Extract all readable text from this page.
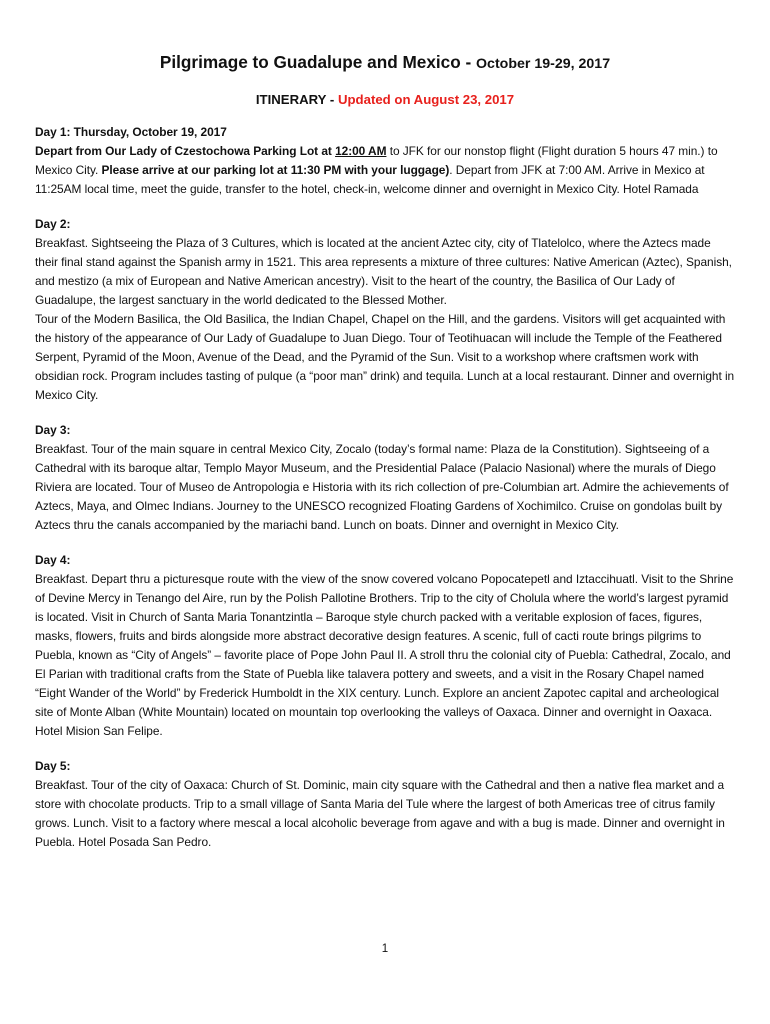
Pilgrimage to Guadalupe and Mexico - October 19-29, 2017
ITINERARY - Updated on August 23, 2017
Day 1: Thursday, October 19, 2017
Depart from Our Lady of Czestochowa Parking Lot at 12:00 AM to JFK for our nonstop flight (Flight duration 5 hours 47 min.) to Mexico City. Please arrive at our parking lot at 11:30 PM with your luggage). Depart from JFK at 7:00 AM. Arrive in Mexico at 11:25AM local time, meet the guide, transfer to the hotel, check-in, welcome dinner and overnight in Mexico City. Hotel Ramada
Day 2:
Breakfast. Sightseeing the Plaza of 3 Cultures, which is located at the ancient Aztec city, city of Tlatelolco, where the Aztecs made their final stand against the Spanish army in 1521. This area represents a mixture of three cultures: Native American (Aztec), Spanish, and mestizo (a mix of European and Native American ancestry). Visit to the heart of the country, the Basilica of Our Lady of Guadalupe, the largest sanctuary in the world dedicated to the Blessed Mother.
Tour of the Modern Basilica, the Old Basilica, the Indian Chapel, Chapel on the Hill, and the gardens. Visitors will get acquainted with the history of the appearance of Our Lady of Guadalupe to Juan Diego. Tour of Teotihuacan will include the Temple of the Feathered Serpent, Pyramid of the Moon, Avenue of the Dead, and the Pyramid of the Sun. Visit to a workshop where craftsmen work with obsidian rock. Program includes tasting of pulque (a “poor man” drink) and tequila. Lunch at a local restaurant. Dinner and overnight in Mexico City.
Day 3:
Breakfast. Tour of the main square in central Mexico City, Zocalo (today’s formal name: Plaza de la Constitution). Sightseeing of a Cathedral with its baroque altar, Templo Mayor Museum, and the Presidential Palace (Palacio Nasional) where the murals of Diego Riviera are located. Tour of Museo de Antropologia e Historia with its rich collection of pre-Columbian art. Admire the achievements of Aztecs, Maya, and Olmec Indians. Journey to the UNESCO recognized Floating Gardens of Xochimilco. Cruise on gondolas built by Aztecs thru the canals accompanied by the mariachi band. Lunch on boats. Dinner and overnight in Mexico City.
Day 4:
Breakfast. Depart thru a picturesque route with the view of the snow covered volcano Popocatepetl and Iztaccihuatl. Visit to the Shrine of Devine Mercy in Tenango del Aire, run by the Polish Pallotine Brothers. Trip to the city of Cholula where the world’s largest pyramid is located. Visit in Church of Santa Maria Tonantzintla – Baroque style church packed with a veritable explosion of faces, figures, masks, flowers, fruits and birds alongside more abstract decorative design features. A scenic, full of cacti route brings pilgrims to Puebla, known as “City of Angels” – favorite place of Pope John Paul II. A stroll thru the colonial city of Puebla: Cathedral, Zocalo, and El Parian with traditional crafts from the State of Puebla like talavera pottery and sweets, and a visit in the Rosary Chapel named “Eight Wander of the World” by Frederick Humboldt in the XIX century. Lunch. Explore an ancient Zapotec capital and archeological site of Monte Alban (White Mountain) located on mountain top overlooking the valleys of Oaxaca. Dinner and overnight in Oaxaca. Hotel Mision San Felipe.
Day 5:
Breakfast. Tour of the city of Oaxaca: Church of St. Dominic, main city square with the Cathedral and then a native flea market and a store with chocolate products. Trip to a small village of Santa Maria del Tule where the largest of both Americas tree of citrus family grows. Lunch. Visit to a factory where mescal a local alcoholic beverage from agave and with a bug is made. Dinner and overnight in Puebla. Hotel Posada San Pedro.
1
